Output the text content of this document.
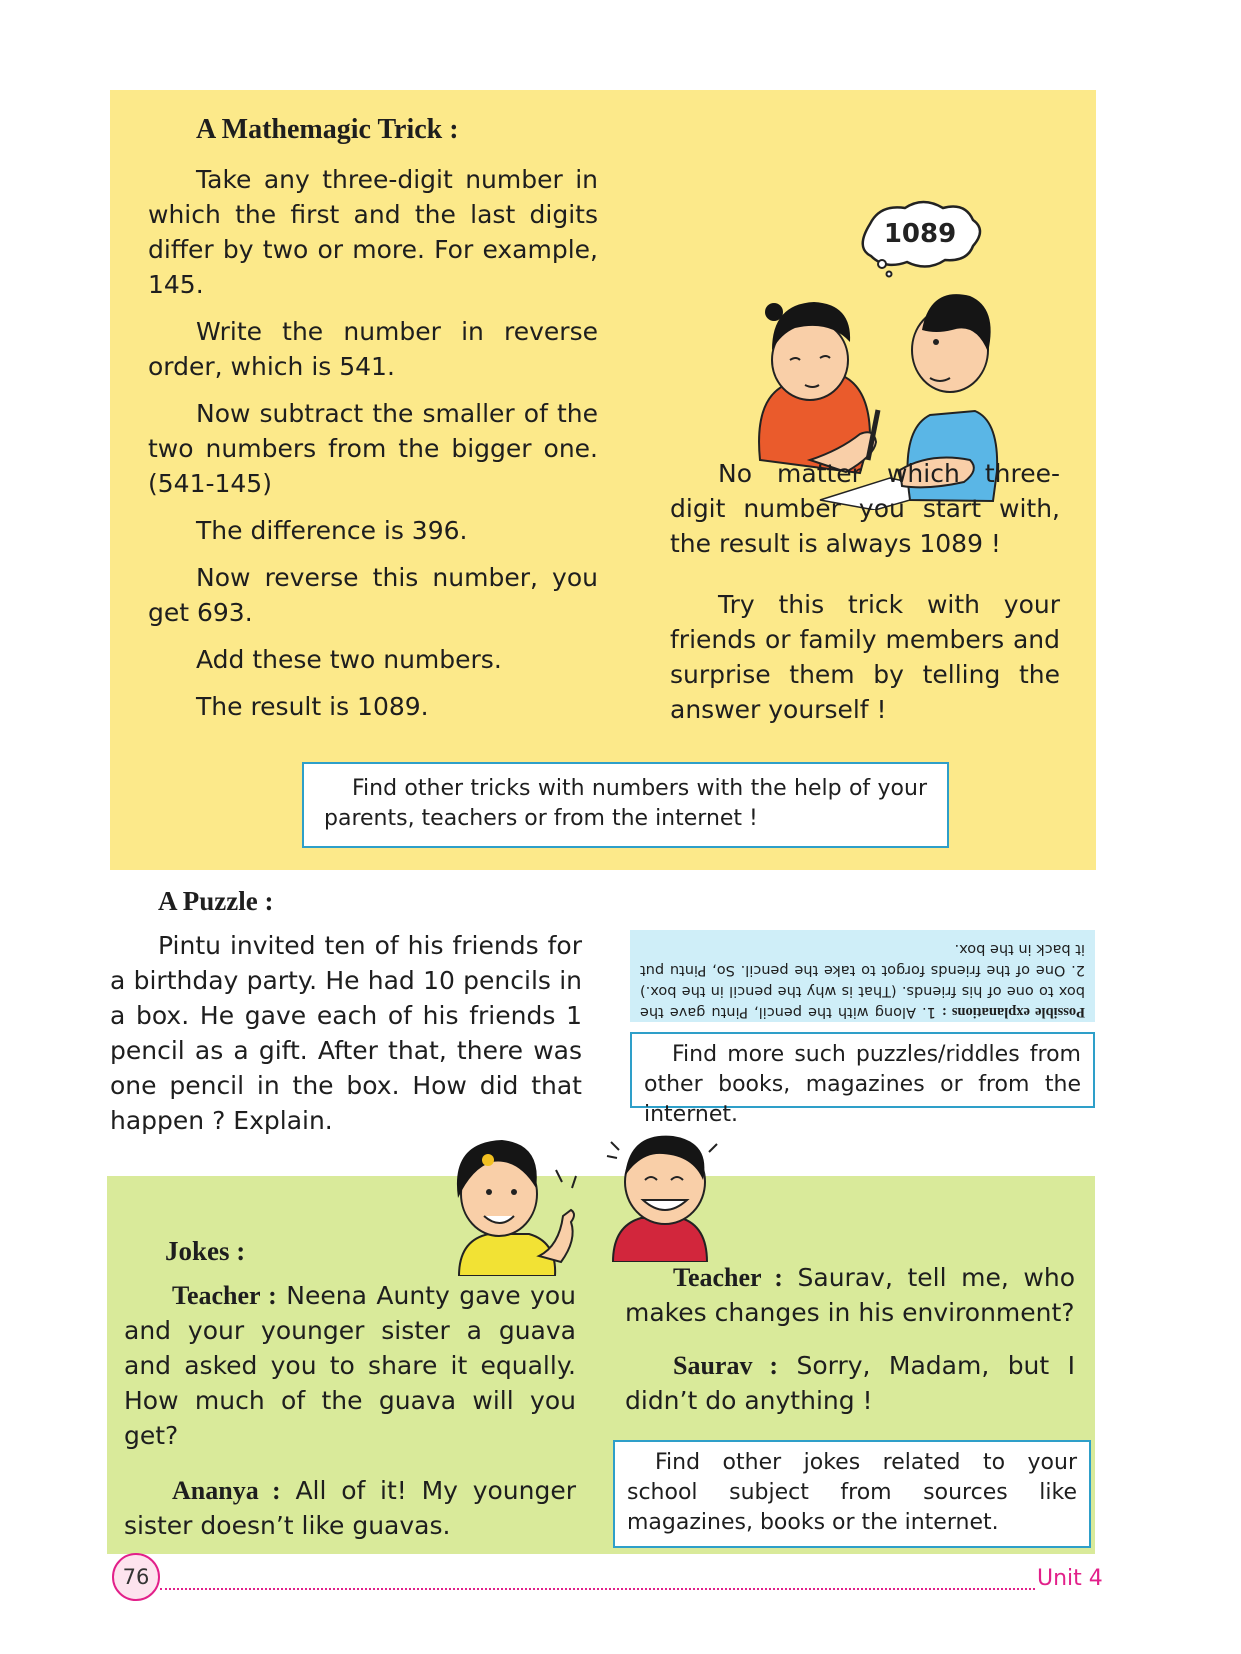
A Mathemagic Trick :

Take any three-digit number in which the first and the last digits differ by two or more. For example, 145.

Write the number in reverse order, which is 541.

Now subtract the smaller of the two numbers from the bigger one. (541-145)

The difference is 396.

Now reverse this number, you get 693.

Add these two numbers.

The result is 1089.

1089

No matter which three-digit number you start with, the result is always 1089 !

Try this trick with your friends or family members and surprise them by telling the answer yourself !

Find other tricks with numbers with the help of your parents, teachers or from the internet !
A Puzzle :

Pintu invited ten of his friends for a birthday party. He had 10 pencils in a box. He gave each of his friends 1 pencil as a gift. After that, there was one pencil in the box. How did that happen ? Explain.

Possible explanations : 1. Along with the pencil, Pintu gave the box to one of his friends. (That is why the pencil in the box.) 2. One of the friends forgot to take the pencil. So, Pintu put it back in the box.
Find more such puzzles/riddles from other books, magazines or from the internet.
Jokes :

Teacher : Neena Aunty gave you and your younger sister a guava and asked you to share it equally. How much of the guava will you get?

Ananya : All of it! My younger sister doesn’t like guavas.

Teacher : Saurav, tell me, who makes changes in his environment?

Saurav : Sorry, Madam, but I didn’t do anything !

Find other jokes related to your school subject from sources like magazines, books or the internet.
76	Unit 4
